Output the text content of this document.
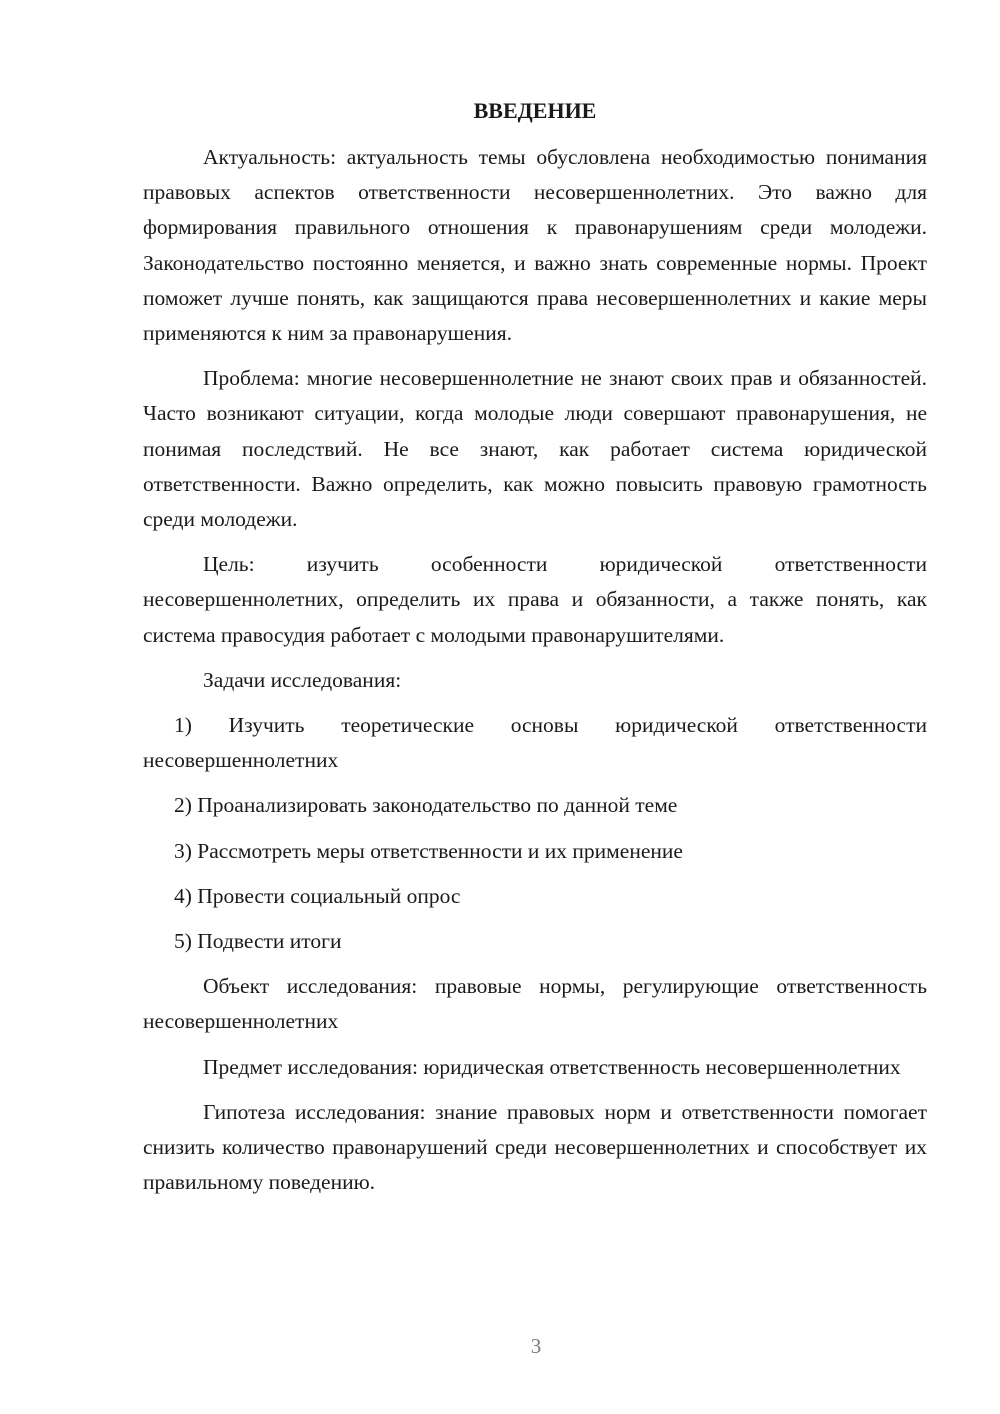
ВВЕДЕНИЕ

Актуальность: актуальность темы обусловлена необходимостью понимания правовых аспектов ответственности несовершеннолетних. Это важно для формирования правильного отношения к правонарушениям среди молодежи. Законодательство постоянно меняется, и важно знать современные нормы. Проект поможет лучше понять, как защищаются права несовершеннолетних и какие меры применяются к ним за правонарушения.

Проблема: многие несовершеннолетние не знают своих прав и обязанностей. Часто возникают ситуации, когда молодые люди совершают правонарушения, не понимая последствий. Не все знают, как работает система юридической ответственности. Важно определить, как можно повысить правовую грамотность среди молодежи.

Цель: изучить особенности юридической ответственности несовершеннолетних, определить их права и обязанности, а также понять, как система правосудия работает с молодыми правонарушителями.

Задачи исследования:

1) Изучить теоретические основы юридической ответственности несовершеннолетних

2) Проанализировать законодательство по данной теме

3) Рассмотреть меры ответственности и их применение

4) Провести социальный опрос

5) Подвести итоги

Объект исследования: правовые нормы, регулирующие ответственность несовершеннолетних

Предмет исследования: юридическая ответственность несовершеннолетних

Гипотеза исследования: знание правовых норм и ответственности помогает снизить количество правонарушений среди несовершеннолетних и способствует их правильному поведению.

3
